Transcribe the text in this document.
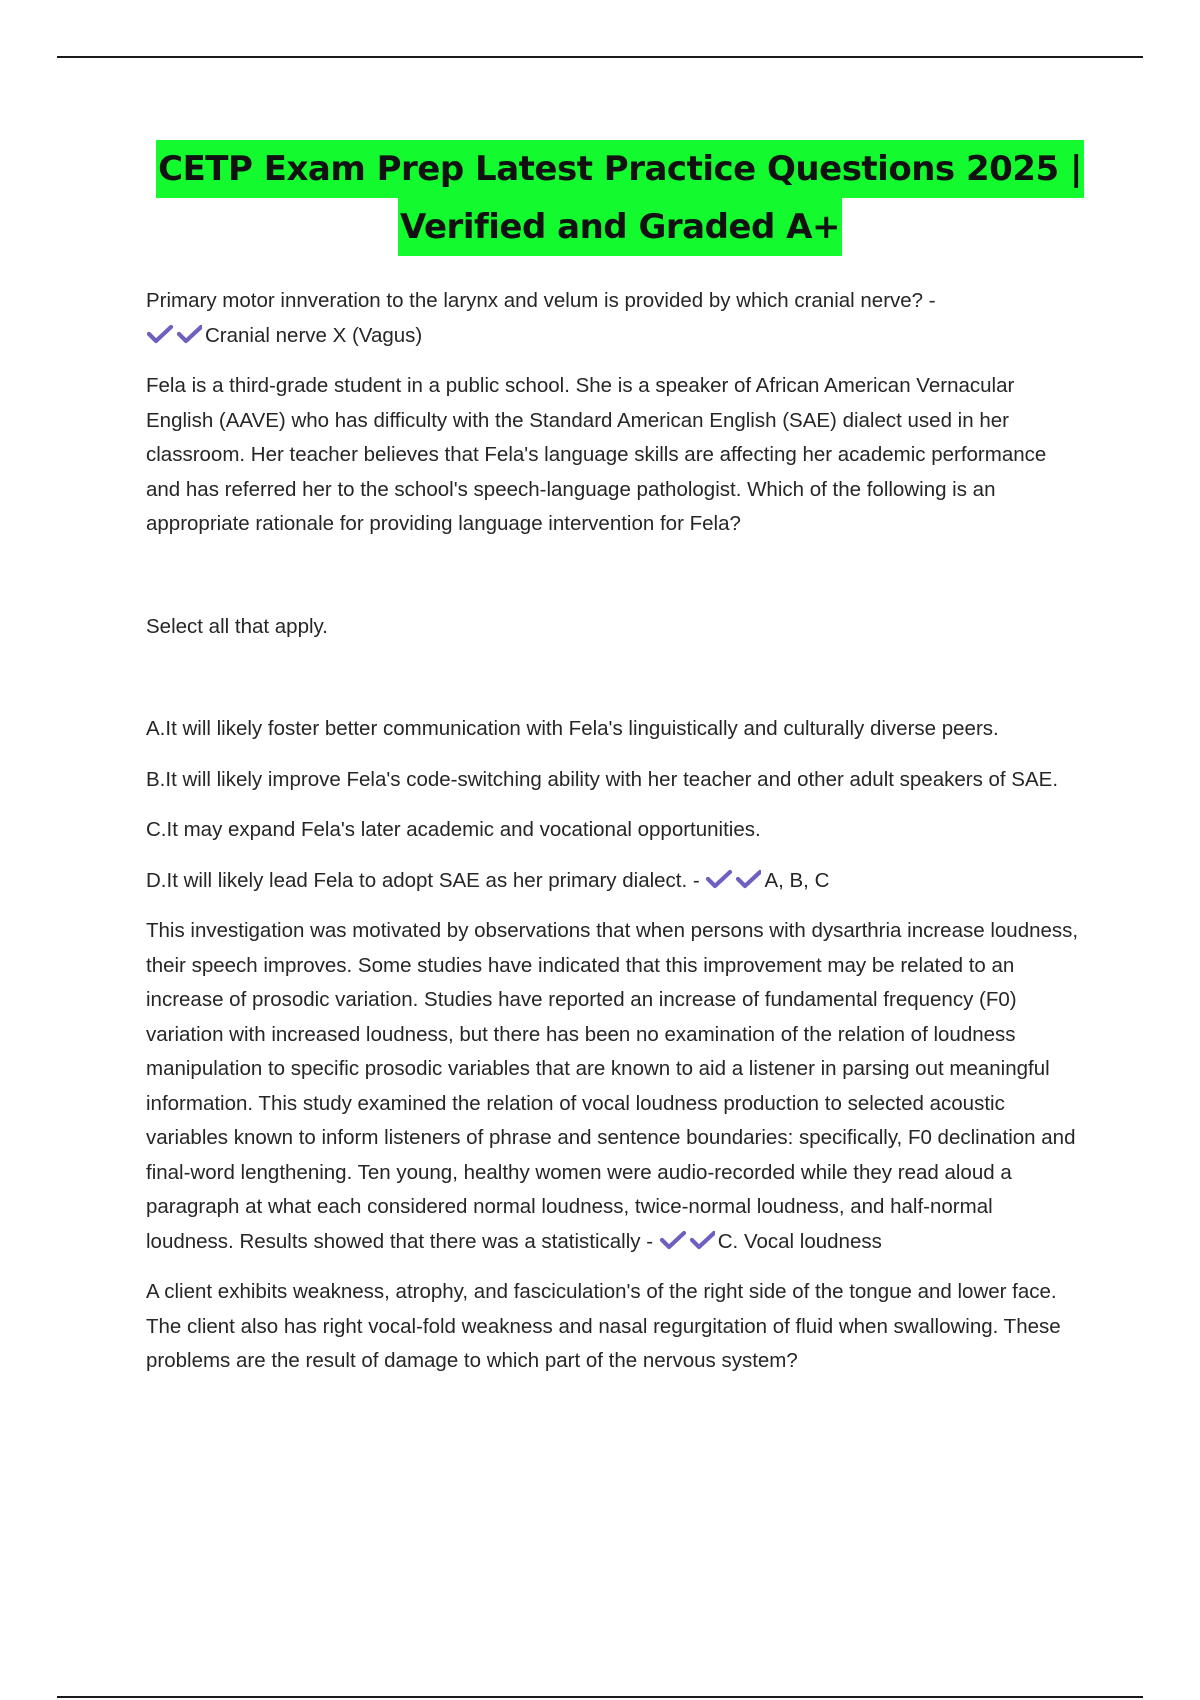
CETP Exam Prep Latest Practice Questions 2025 |
Verified and Graded A+

Primary motor innveration to the larynx and velum is provided by which cranial nerve? -

Cranial nerve X (Vagus)

Fela is a third-grade student in a public school. She is a speaker of African American Vernacular English (AAVE) who has difficulty with the Standard American English (SAE) dialect used in her classroom. Her teacher believes that Fela's language skills are affecting her academic performance and has referred her to the school's speech-language pathologist. Which of the following is an appropriate rationale for providing language intervention for Fela?

Select all that apply.

A.It will likely foster better communication with Fela's linguistically and culturally diverse peers.

B.It will likely improve Fela's code-switching ability with her teacher and other adult speakers of SAE.

C.It may expand Fela's later academic and vocational opportunities.

D.It will likely lead Fela to adopt SAE as her primary dialect. -	A, B, C

This investigation was motivated by observations that when persons with dysarthria increase loudness, their speech improves. Some studies have indicated that this improvement may be related to an increase of prosodic variation. Studies have reported an increase of fundamental frequency (F0) variation with increased loudness, but there has been no examination of the relation of loudness manipulation to specific prosodic variables that are known to aid a listener in parsing out meaningful information. This study examined the relation of vocal loudness production to selected acoustic variables known to inform listeners of phrase and sentence boundaries: specifically, F0 declination and final-word lengthening. Ten young, healthy women were audio-recorded while they read aloud a paragraph at what each considered normal loudness, twice-normal loudness, and half-normal loudness. Results showed that there was a statistically -	C. Vocal loudness

A client exhibits weakness, atrophy, and fasciculation's of the right side of the tongue and lower face. The client also has right vocal-fold weakness and nasal regurgitation of fluid when swallowing. These problems are the result of damage to which part of the nervous system?
